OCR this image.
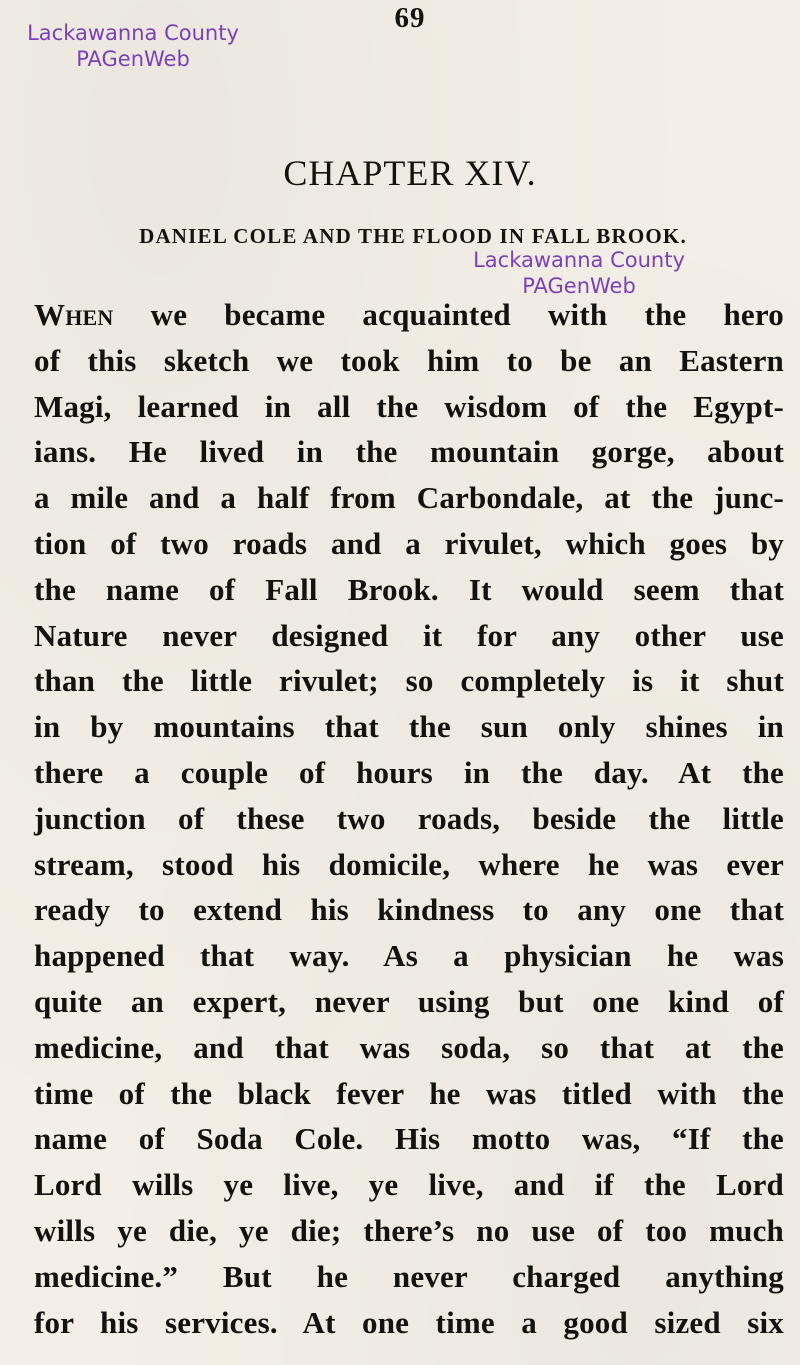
69
Lackawanna County
PAGenWeb
CHAPTER XIV.
DANIEL COLE AND THE FLOOD IN FALL BROOK.
Lackawanna County
PAGenWeb
When we became acquainted with the hero
of this sketch we took him to be an Eastern
Magi, learned in all the wisdom of the Egypt-
ians. He lived in the mountain gorge, about
a mile and a half from Carbondale, at the junc-
tion of two roads and a rivulet, which goes by
the name of Fall Brook. It would seem that
Nature never designed it for any other use
than the little rivulet; so completely is it shut
in by mountains that the sun only shines in
there a couple of hours in the day. At the
junction of these two roads, beside the little
stream, stood his domicile, where he was ever
ready to extend his kindness to any one that
happened that way. As a physician he was
quite an expert, never using but one kind of
medicine, and that was soda, so that at the
time of the black fever he was titled with the
name of Soda Cole. His motto was, “If the
Lord wills ye live, ye live, and if the Lord
wills ye die, ye die; there’s no use of too much
medicine.” But he never charged anything
for his services. At one time a good sized six
